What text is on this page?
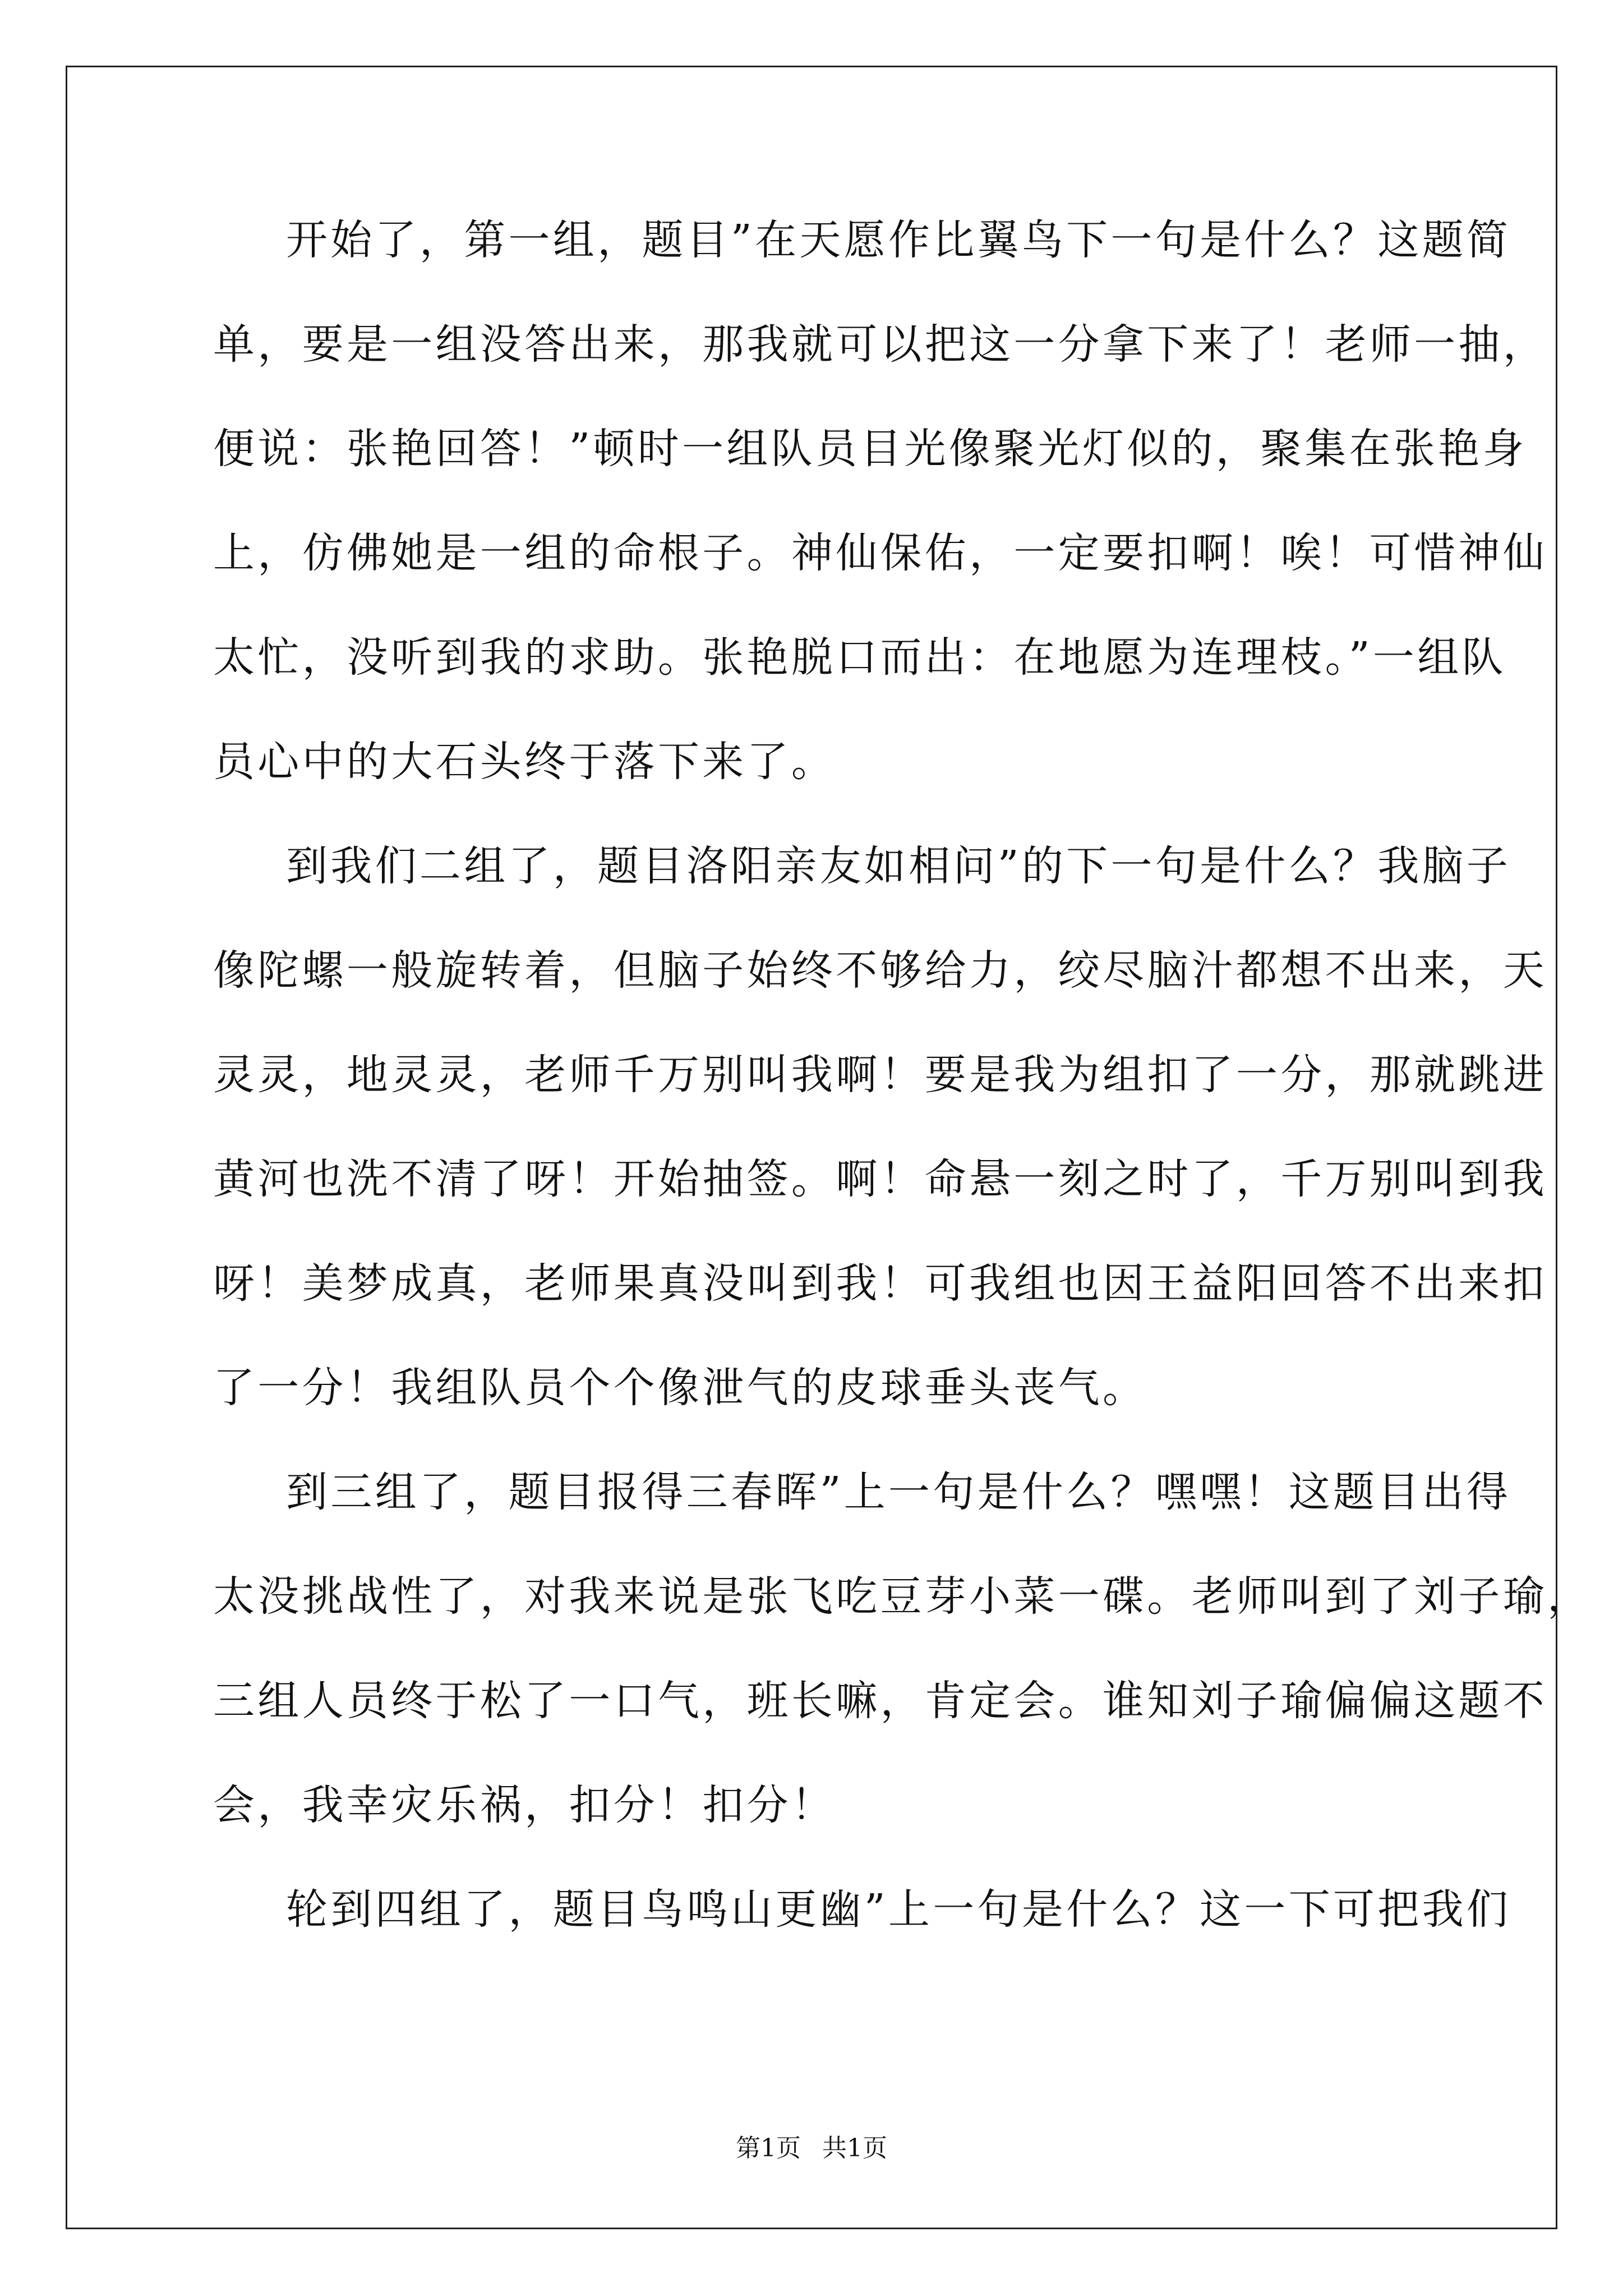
开始了，第一组，题目”在天愿作比翼鸟下一句是什么？这题简
单，要是一组没答出来，那我就可以把这一分拿下来了！老师一抽，
便说：张艳回答！”顿时一组队员目光像聚光灯似的，聚集在张艳身
上，仿佛她是一组的命根子。神仙保佑，一定要扣啊！唉！可惜神仙
太忙，没听到我的求助。张艳脱口而出：在地愿为连理枝。”一组队
员心中的大石头终于落下来了。
到我们二组了，题目洛阳亲友如相问”的下一句是什么？我脑子
像陀螺一般旋转着，但脑子始终不够给力，绞尽脑汁都想不出来，天
灵灵，地灵灵，老师千万别叫我啊！要是我为组扣了一分，那就跳进
黄河也洗不清了呀！开始抽签。啊！命悬一刻之时了，千万别叫到我
呀！美梦成真，老师果真没叫到我！可我组也因王益阳回答不出来扣
了一分！我组队员个个像泄气的皮球垂头丧气。
到三组了，题目报得三春晖”上一句是什么？嘿嘿！这题目出得
太没挑战性了，对我来说是张飞吃豆芽小菜一碟。老师叫到了刘子瑜，
三组人员终于松了一口气，班长嘛，肯定会。谁知刘子瑜偏偏这题不
会，我幸灾乐祸，扣分！扣分！
轮到四组了，题目鸟鸣山更幽”上一句是什么？这一下可把我们
第1页 共1页
